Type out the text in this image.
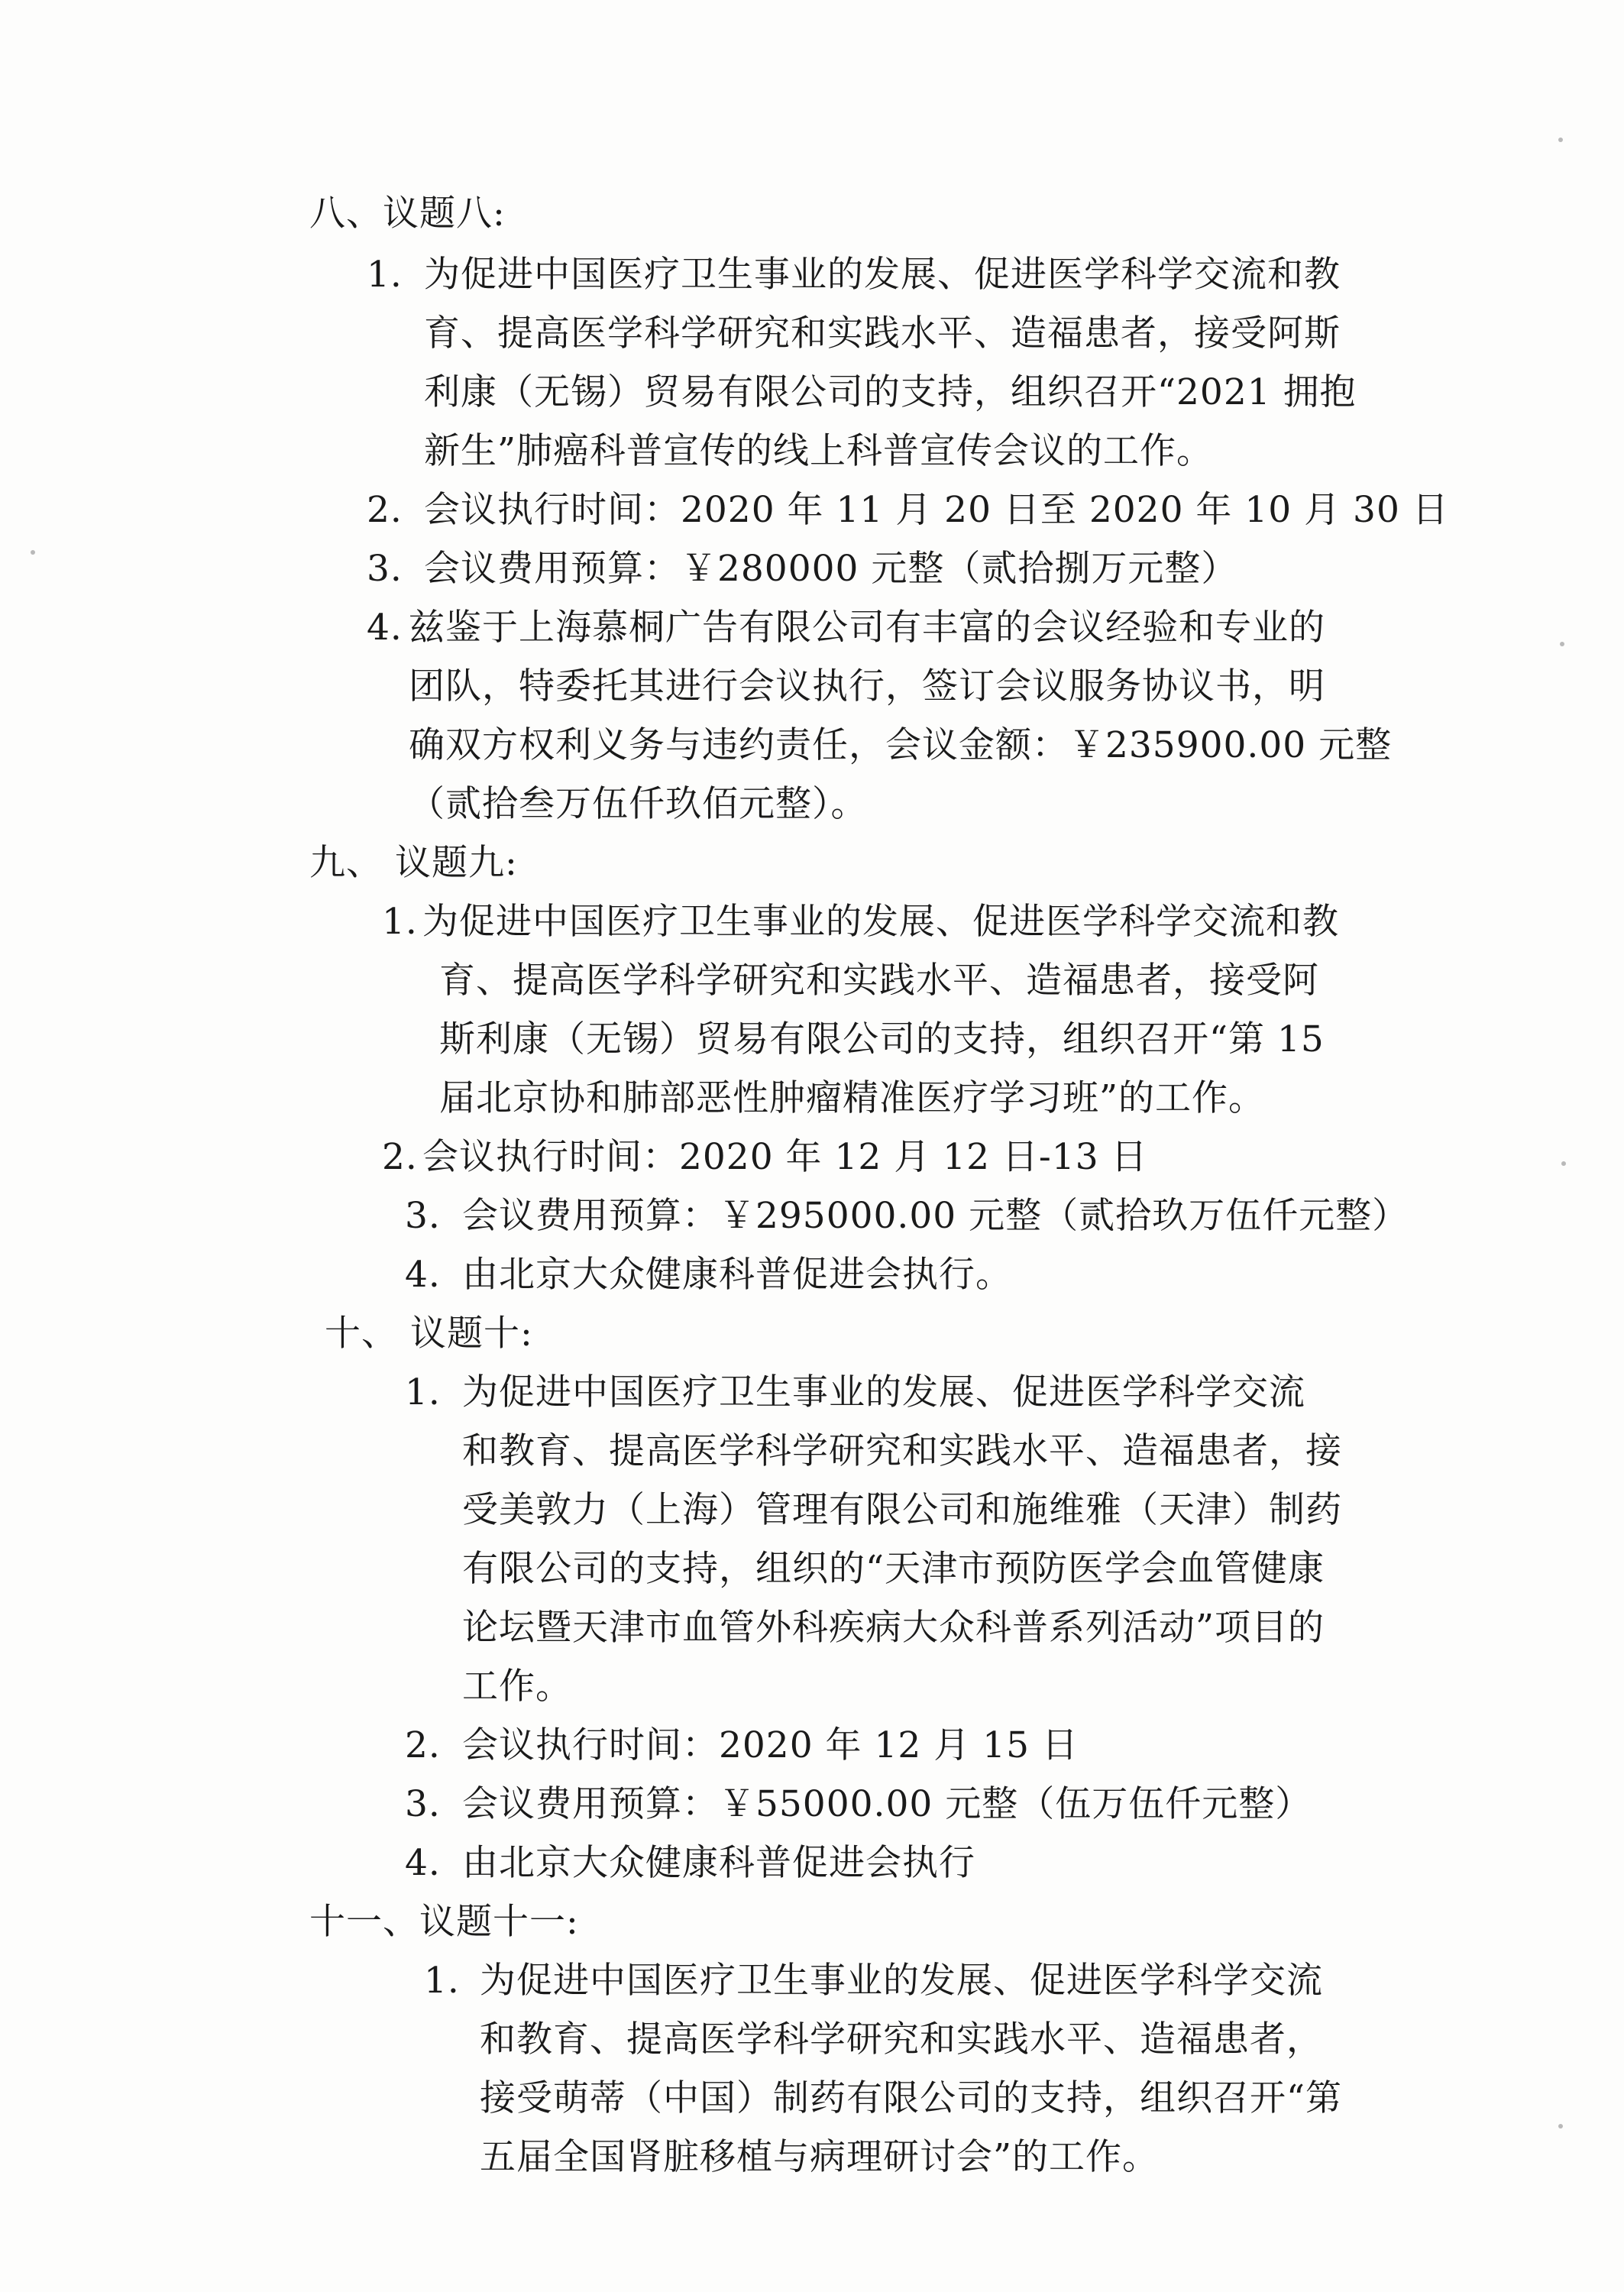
八、议题八:
1. 为促进中国医疗卫生事业的发展、促进医学科学交流和教
育、提高医学科学研究和实践水平、造福患者，接受阿斯
利康（无锡）贸易有限公司的支持，组织召开“2021 拥抱
新生”肺癌科普宣传的线上科普宣传会议的工作。
2. 会议执行时间：2020 年 11 月 20 日至 2020 年 10 月 30 日
3. 会议费用预算：￥280000 元整（贰拾捌万元整）
4. 兹鉴于上海慕桐广告有限公司有丰富的会议经验和专业的
团队，特委托其进行会议执行，签订会议服务协议书，明
确双方权利义务与违约责任，会议金额：￥235900.00 元整
（贰拾叁万伍仟玖佰元整）。
九、 议题九:
1. 为促进中国医疗卫生事业的发展、促进医学科学交流和教
育、提高医学科学研究和实践水平、造福患者，接受阿
斯利康（无锡）贸易有限公司的支持，组织召开“第 15
届北京协和肺部恶性肿瘤精准医疗学习班”的工作。
2. 会议执行时间：2020 年 12 月 12 日-13 日
3. 会议费用预算：￥295000.00 元整（贰拾玖万伍仟元整）
4. 由北京大众健康科普促进会执行。
十、 议题十:
1. 为促进中国医疗卫生事业的发展、促进医学科学交流
和教育、提高医学科学研究和实践水平、造福患者，接
受美敦力（上海）管理有限公司和施维雅（天津）制药
有限公司的支持，组织的“天津市预防医学会血管健康
论坛暨天津市血管外科疾病大众科普系列活动”项目的
工作。
2. 会议执行时间：2020 年 12 月 15 日
3. 会议费用预算：￥55000.00 元整（伍万伍仟元整）
4. 由北京大众健康科普促进会执行
十一、议题十一:
1. 为促进中国医疗卫生事业的发展、促进医学科学交流
和教育、提高医学科学研究和实践水平、造福患者，
接受萌蒂（中国）制药有限公司的支持，组织召开“第
五届全国肾脏移植与病理研讨会”的工作。
